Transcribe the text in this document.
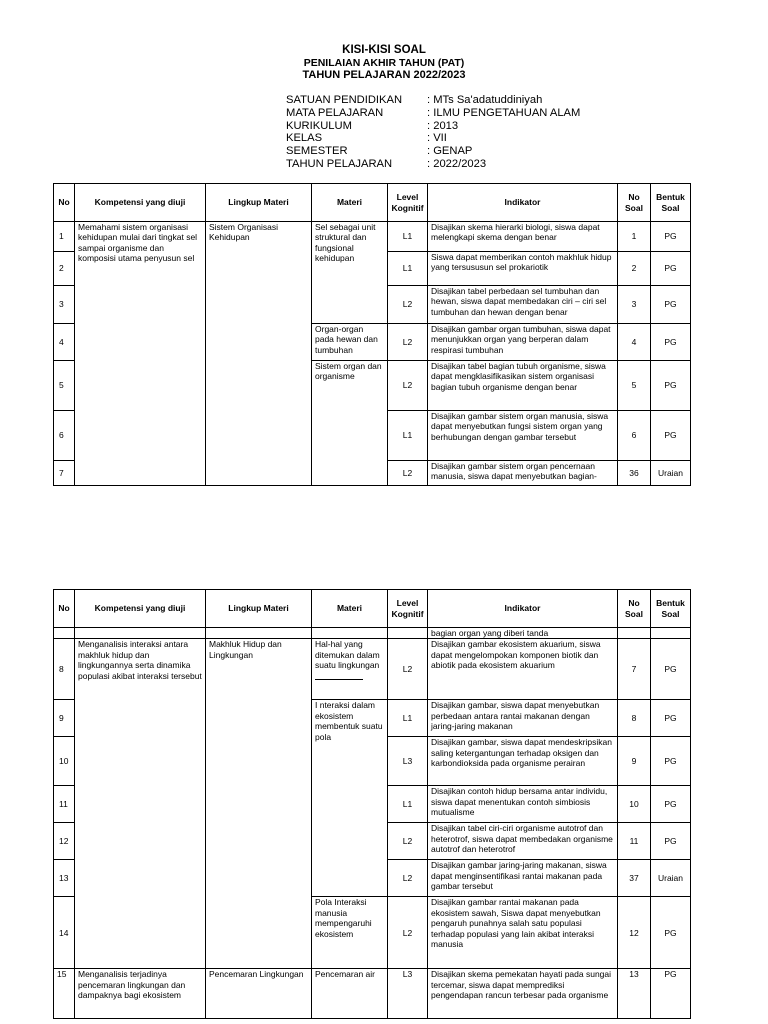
KISI-KISI SOAL
PENILAIAN AKHIR TAHUN (PAT)
TAHUN PELAJARAN 2022/2023
SATUAN PENDIDIKAN	: MTs Sa'adatuddiniyah
MATA PELAJARAN	: ILMU PENGETAHUAN ALAM
KURIKULUM	: 2013
KELAS	: VII
SEMESTER	: GENAP
TAHUN PELAJARAN	: 2022/2023
No	Kompetensi yang diuji	Lingkup Materi	Materi	Level Kognitif	Indikator	No Soal	Bentuk Soal
1	Memahami sistem organisasi kehidupan mulai dari tingkat sel sampai organisme dan komposisi utama penyusun sel	Sistem Organisasi Kehidupan	Sel sebagai unit struktural dan fungsional kehidupan	L1	Disajikan skema hierarki biologi, siswa dapat melengkapi skema dengan benar	1	PG
2				L1	Siswa dapat memberikan contoh makhluk hidup yang tersususun sel prokariotik	2	PG
3				L2	Disajikan tabel perbedaan sel tumbuhan dan hewan, siswa dapat membedakan ciri – ciri sel tumbuhan dan hewan dengan benar	3	PG
4			Organ-organ pada hewan dan tumbuhan	L2	Disajikan gambar organ tumbuhan, siswa dapat menunjukkan organ yang berperan dalam respirasi tumbuhan	4	PG
5			Sistem organ dan organisme	L2	Disajikan tabel bagian tubuh organisme, siswa dapat mengklasifikasikan sistem organisasi bagian tubuh organisme dengan benar	5	PG
6				L1	Disajikan gambar sistem organ manusia, siswa dapat menyebutkan fungsi sistem organ yang berhubungan dengan gambar tersebut	6	PG
7				L2	Disajikan gambar sistem organ pencernaan manusia, siswa dapat menyebutkan bagian-	36	Uraian
No	Kompetensi yang diuji	Lingkup Materi	Materi	Level Kognitif	Indikator	No Soal	Bentuk Soal
					bagian organ yang diberi tanda		
8	Menganalisis interaksi antara makhluk hidup dan lingkungannya serta dinamika populasi akibat interaksi tersebut	Makhluk Hidup dan Lingkungan	Hal-hal yang ditemukan dalam suatu lingkungan	L2	Disajikan gambar ekosistem akuarium, siswa dapat mengelompokan komponen biotik dan abiotik pada ekosistem akuarium	7	PG
9			I nteraksi dalam ekosistem membentuk suatu pola	L1	Disajikan gambar, siswa dapat menyebutkan perbedaan antara rantai makanan dengan jaring-jaring makanan	8	PG
10				L3	Disajikan gambar, siswa dapat mendeskripsikan saling ketergantungan terhadap oksigen dan karbondioksida pada organisme perairan	9	PG
11				L1	Disajikan contoh hidup bersama antar individu, siswa dapat menentukan contoh simbiosis mutualisme	10	PG
12				L2	Disajikan tabel ciri-ciri organisme autotrof dan heterotrof, siswa dapat membedakan organisme autotrof dan heterotrof	11	PG
13				L2	Disajikan gambar jaring-jaring makanan, siswa dapat menginsentifikasi rantai makanan pada gambar tersebut	37	Uraian
14			Pola Interaksi manusia mempengaruhi ekosistem	L2	Disajikan gambar rantai makanan pada ekosistem sawah, Siswa dapat menyebutkan pengaruh punahnya salah satu populasi terhadap populasi yang lain akibat interaksi manusia	12	PG
15	Menganalisis terjadinya pencemaran lingkungan dan dampaknya bagi ekosistem	Pencemaran Lingkungan	Pencemaran air	L3	Disajikan skema pemekatan hayati pada sungai tercemar, siswa dapat memprediksi pengendapan rancun terbesar pada organisme	13	PG
